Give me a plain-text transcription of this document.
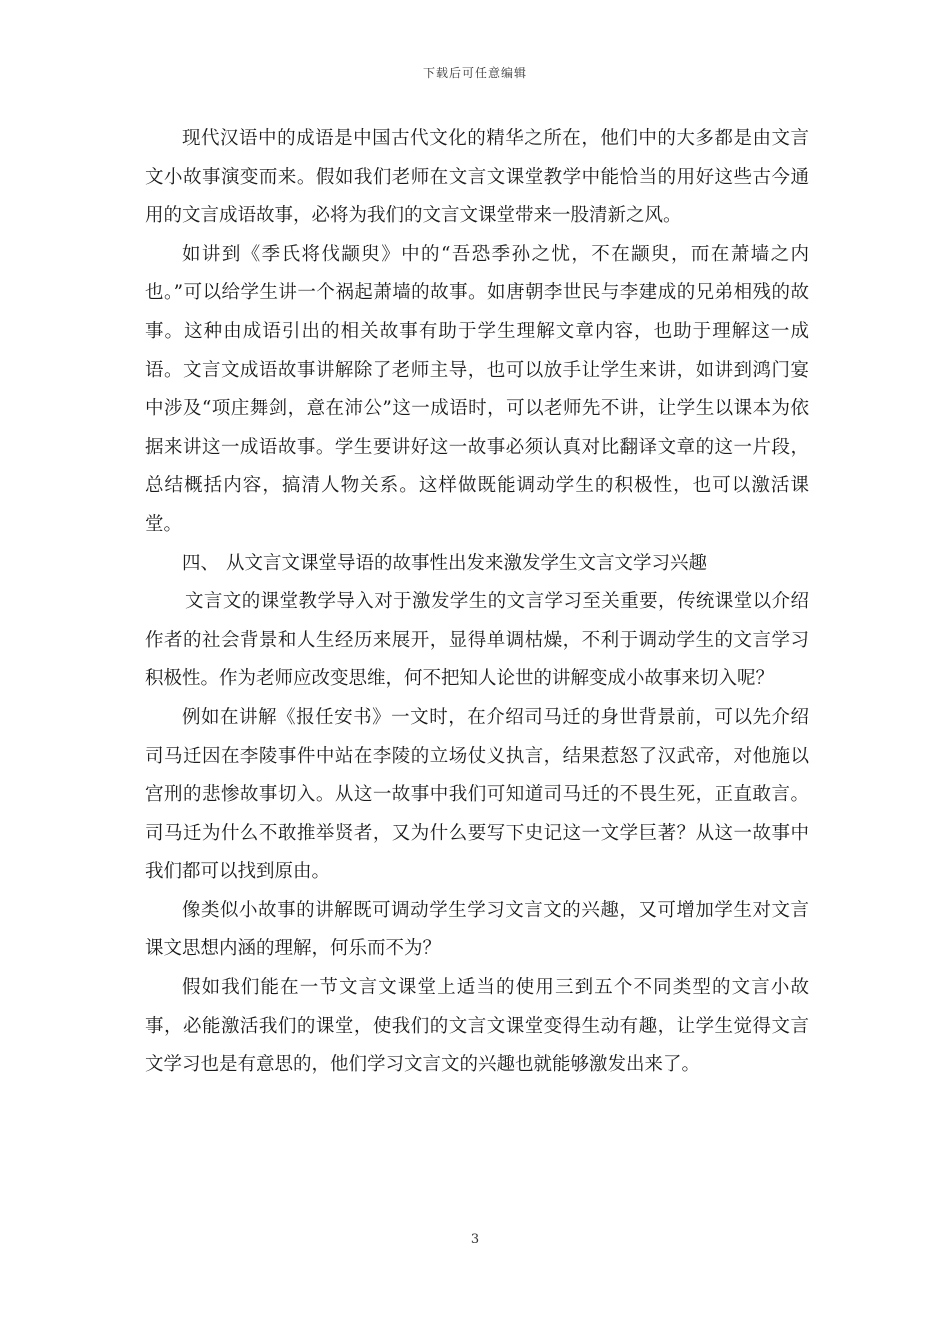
下载后可任意编辑

现代汉语中的成语是中国古代文化的精华之所在，他们中的大多都是由文言文小故事演变而来。假如我们老师在文言文课堂教学中能恰当的用好这些古今通用的文言成语故事，必将为我们的文言文课堂带来一股清新之风。

如讲到《季氏将伐颛臾》中的“吾恐季孙之忧，不在颛臾，而在萧墙之内也。”可以给学生讲一个祸起萧墙的故事。如唐朝李世民与李建成的兄弟相残的故事。这种由成语引出的相关故事有助于学生理解文章内容，也助于理解这一成语。文言文成语故事讲解除了老师主导，也可以放手让学生来讲，如讲到鸿门宴中涉及“项庄舞剑，意在沛公”这一成语时，可以老师先不讲，让学生以课本为依据来讲这一成语故事。学生要讲好这一故事必须认真对比翻译文章的这一片段，总结概括内容，搞清人物关系。这样做既能调动学生的积极性，也可以激活课堂。

四、 从文言文课堂导语的故事性出发来激发学生文言文学习兴趣

文言文的课堂教学导入对于激发学生的文言学习至关重要，传统课堂以介绍作者的社会背景和人生经历来展开，显得单调枯燥，不利于调动学生的文言学习积极性。作为老师应改变思维，何不把知人论世的讲解变成小故事来切入呢？

例如在讲解《报任安书》一文时，在介绍司马迁的身世背景前，可以先介绍司马迁因在李陵事件中站在李陵的立场仗义执言，结果惹怒了汉武帝，对他施以宫刑的悲惨故事切入。从这一故事中我们可知道司马迁的不畏生死，正直敢言。司马迁为什么不敢推举贤者，又为什么要写下史记这一文学巨著？从这一故事中我们都可以找到原由。

像类似小故事的讲解既可调动学生学习文言文的兴趣，又可增加学生对文言课文思想内涵的理解，何乐而不为？

假如我们能在一节文言文课堂上适当的使用三到五个不同类型的文言小故事，必能激活我们的课堂，使我们的文言文课堂变得生动有趣，让学生觉得文言文学习也是有意思的，他们学习文言文的兴趣也就能够激发出来了。

3
